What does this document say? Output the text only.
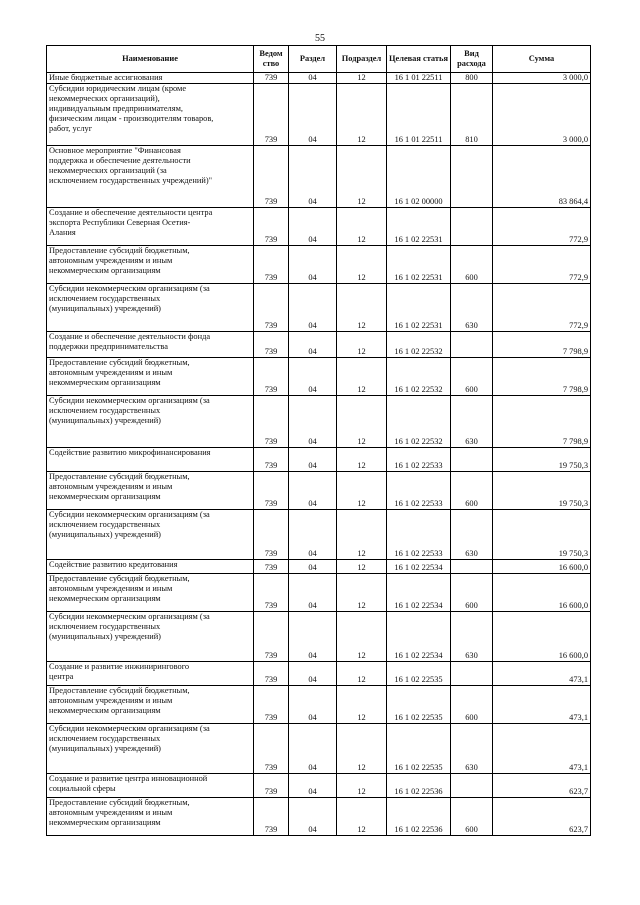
55
Наименование	Ведом ство	Раздел	Подраздел	Целевая статья	Вид расхода	Сумма
Иные бюджетные ассигнования	739	04	12	16 1 01 22511	800	3 000,0
Субсидии юридическим лицам (кроме
некоммерческих организаций),
индивидуальным предпринимателям,
физическим лицам - производителям товаров,
работ, услуг	739	04	12	16 1 01 22511	810	3 000,0
Основное мероприятие "Финансовая
поддержка и обеспечение деятельности
некоммерческих организаций (за
исключением государственных учреждений)"	739	04	12	16 1 02 00000		83 864,4
Создание и обеспечение деятельности центра
экспорта Республики Северная Осетия-
Алания	739	04	12	16 1 02 22531		772,9
Предоставление субсидий бюджетным,
автономным учреждениям и иным
некоммерческим организациям	739	04	12	16 1 02 22531	600	772,9
Субсидии некоммерческим организациям (за
исключением государственных
(муниципальных) учреждений)	739	04	12	16 1 02 22531	630	772,9
Создание и обеспечение деятельности фонда
поддержки предпринимательства	739	04	12	16 1 02 22532		7 798,9
Предоставление субсидий бюджетным,
автономным учреждениям и иным
некоммерческим организациям	739	04	12	16 1 02 22532	600	7 798,9
Субсидии некоммерческим организациям (за
исключением государственных
(муниципальных) учреждений)	739	04	12	16 1 02 22532	630	7 798,9
Содействие развитию микрофинансирования	739	04	12	16 1 02 22533		19 750,3
Предоставление субсидий бюджетным,
автономным учреждениям и иным
некоммерческим организациям	739	04	12	16 1 02 22533	600	19 750,3
Субсидии некоммерческим организациям (за
исключением государственных
(муниципальных) учреждений)	739	04	12	16 1 02 22533	630	19 750,3
Содействие развитию кредитования	739	04	12	16 1 02 22534		16 600,0
Предоставление субсидий бюджетным,
автономным учреждениям и иным
некоммерческим организациям	739	04	12	16 1 02 22534	600	16 600,0
Субсидии некоммерческим организациям (за
исключением государственных
(муниципальных) учреждений)	739	04	12	16 1 02 22534	630	16 600,0
Создание и развитие инжинирингового
центра	739	04	12	16 1 02 22535		473,1
Предоставление субсидий бюджетным,
автономным учреждениям и иным
некоммерческим организациям	739	04	12	16 1 02 22535	600	473,1
Субсидии некоммерческим организациям (за
исключением государственных
(муниципальных) учреждений)	739	04	12	16 1 02 22535	630	473,1
Создание и развитие центра инновационной
социальной сферы	739	04	12	16 1 02 22536		623,7
Предоставление субсидий бюджетным,
автономным учреждениям и иным
некоммерческим организациям	739	04	12	16 1 02 22536	600	623,7
